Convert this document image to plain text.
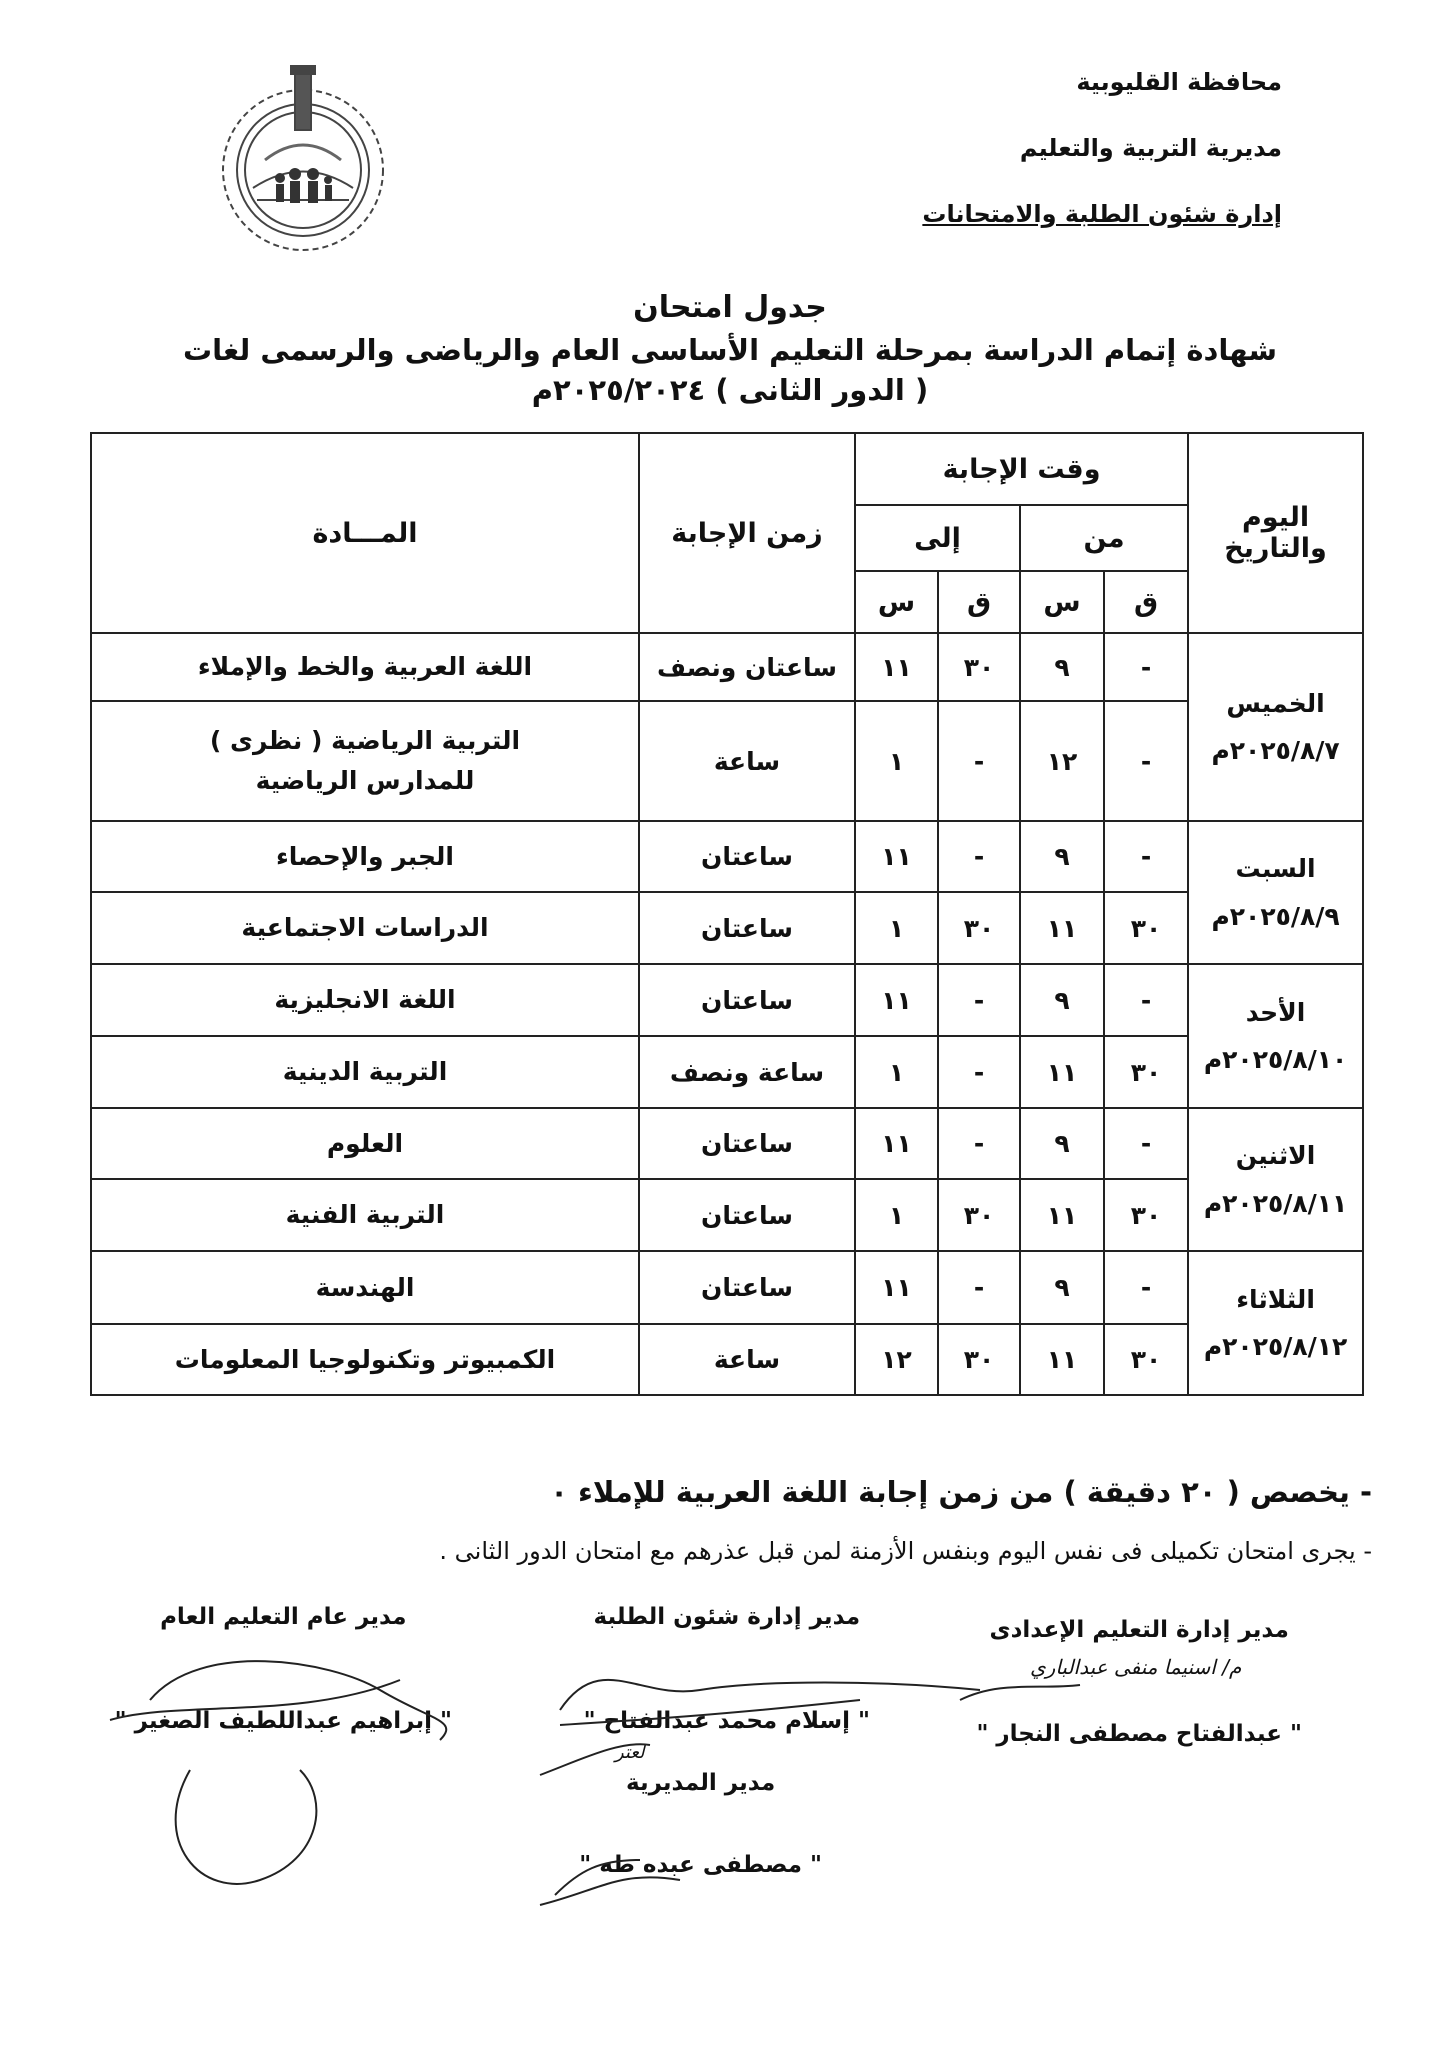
محافظة القليوبية
مديرية التربية والتعليم
إدارة شئون الطلبة والامتحانات
جدول امتحان
شهادة إتمام الدراسة بمرحلة التعليم الأساسى العام والرياضى والرسمى لغات
( الدور الثانى ) ٢٠٢٥/٢٠٢٤م
اليوم والتاريخ	وقت الإجابة				زمن الإجابة	المـــادة
	من		إلى			
	ق	س	ق	س		

الخميس
٢٠٢٥/٨/٧م	-	٩	٣٠	١١	ساعتان ونصف	اللغة العربية والخط والإملاء
	-	١٢	-	١	ساعة	التربية الرياضية ( نظرى )
للمدارس الرياضية

السبت
٢٠٢٥/٨/٩م	-	٩	-	١١	ساعتان	الجبر والإحصاء
	٣٠	١١	٣٠	١	ساعتان	الدراسات الاجتماعية

الأحد
٢٠٢٥/٨/١٠م	-	٩	-	١١	ساعتان	اللغة الانجليزية
	٣٠	١١	-	١	ساعة ونصف	التربية الدينية

الاثنين
٢٠٢٥/٨/١١م	-	٩	-	١١	ساعتان	العلوم
	٣٠	١١	٣٠	١	ساعتان	التربية الفنية

الثلاثاء
٢٠٢٥/٨/١٢م	-	٩	-	١١	ساعتان	الهندسة
	٣٠	١١	٣٠	١٢	ساعة	الكمبيوتر وتكنولوجيا المعلومات
- يخصص ( ٢٠ دقيقة ) من زمن إجابة اللغة العربية للإملاء ٠
- يجرى امتحان تكميلى فى نفس اليوم وبنفس الأزمنة لمن قبل عذرهم مع امتحان الدور الثانى .
مدير إدارة التعليم الإعدادى
" عبدالفتاح مصطفى النجار "
مدير إدارة شئون الطلبة
" إسلام محمد عبدالفتاح "
مدير عام التعليم العام
" إبراهيم عبداللطيف الصغير "
مدير المديرية
" مصطفى عبده طه "
م/ اسنيما منفى عبدالباري
لعتر
